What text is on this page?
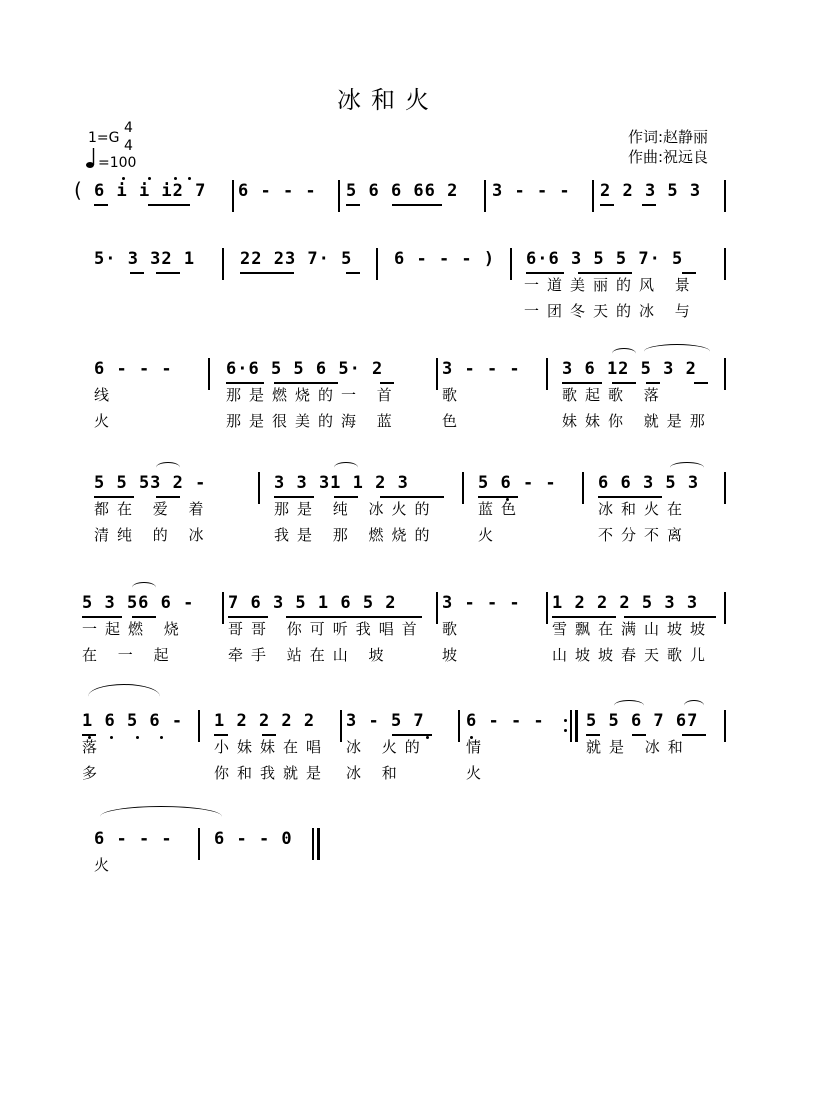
冰和火
1=G
4
4
=100
作词:赵静丽
作曲:祝远良
6 i i i2 7
(	6 - - - 5 6 6 66 2 3 - - - 2 2 3 5 3
5· 3 32 1	22 23 7· 5 6 - - - ) 6·6 3 5 5 7· 5
一道美丽的风 景
一团冬天的冰 与
6 - - -	6·6 5 5 6 5· 2	3 - - - 3 6 12 5 3 2
线	那是燃烧的一 首	歌	歌起歌 落
火	那是很美的海 蓝	色	妹妹你 就是那
5 5 53 2 -	3 3 31 1 2 3	5 6 - - 6 6 3 5 3
都在 爱 着	那是 纯 冰火的	蓝色	冰和火在
清纯 的 冰	我是 那 燃烧的	火	不分不离
5 3 56 6 - 7 6 3 5 1 6 5 2	3 - - - 1 2 2 2 5 3 3
一起燃 烧	哥哥 你可听我唱首 歌	雪飘在满山坡坡
在 一 起	牵手 站在山 坡	坡	山坡坡春天歌儿
1 6 5 6 - 1 2 2 2 2 3 - 5 7 6 - - - 5 5 6 7 67
落	小妹妹在唱 冰 火的	情	就是 冰和
多	你和我就是 冰 和	火
6 - - - 6 - - 0
火
